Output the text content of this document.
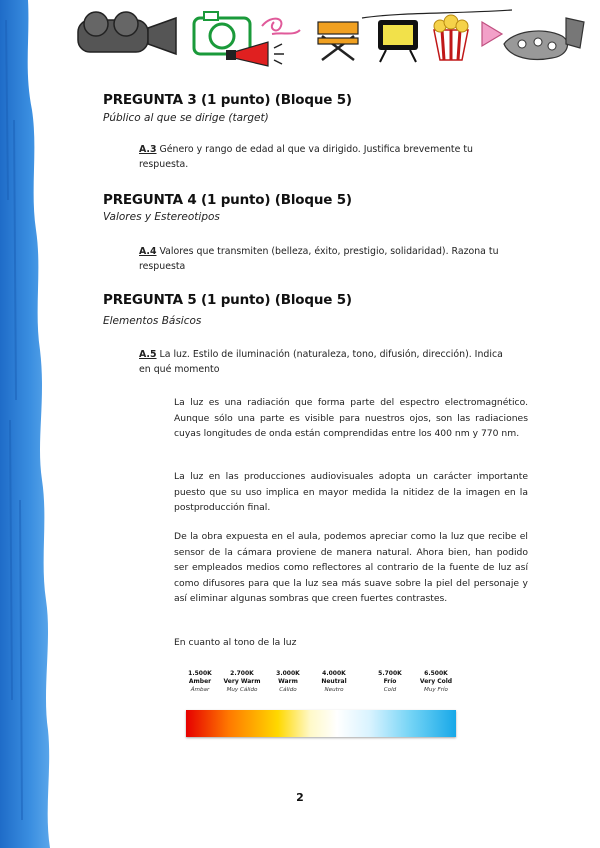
PREGUNTA 3 (1 punto) (Bloque 5)
Público al que se dirige (target)
A.3 Género y rango de edad al que va dirigido. Justifica brevemente tu respuesta.
PREGUNTA 4 (1 punto) (Bloque 5)
Valores y Estereotipos
A.4 Valores que transmiten (belleza, éxito, prestigio, solidaridad). Razona tu respuesta
PREGUNTA 5 (1 punto) (Bloque 5)
Elementos Básicos
A.5 La luz. Estilo de iluminación (naturaleza, tono, difusión, dirección). Indica en qué momento
La luz es una radiación que forma parte del espectro electromagnético. Aunque sólo una parte es visible para nuestros ojos, son las radiaciones cuyas longitudes de onda están comprendidas entre los 400 nm y 770 nm.
La luz en las producciones audiovisuales adopta un carácter importante puesto que su uso implica en mayor medida la nitidez de la imagen en la postproducción final.
De la obra expuesta en el aula, podemos apreciar como la luz que recibe el sensor de la cámara proviene de manera natural. Ahora bien, han podido ser empleados medios como reflectores al contrario de la fuente de luz así como difusores para que la luz sea más suave sobre la piel del personaje y así eliminar algunas sombras que creen fuertes contrastes.
En cuanto al tono de la luz
1.500K
Amber
Ámbar
2.700K
Very Warm
Muy Cálido
3.000K
Warm
Cálido
4.000K
Neutral
Neutro
5.700K
Frío
Cold
6.500K
Very Cold
Muy Frío
2
